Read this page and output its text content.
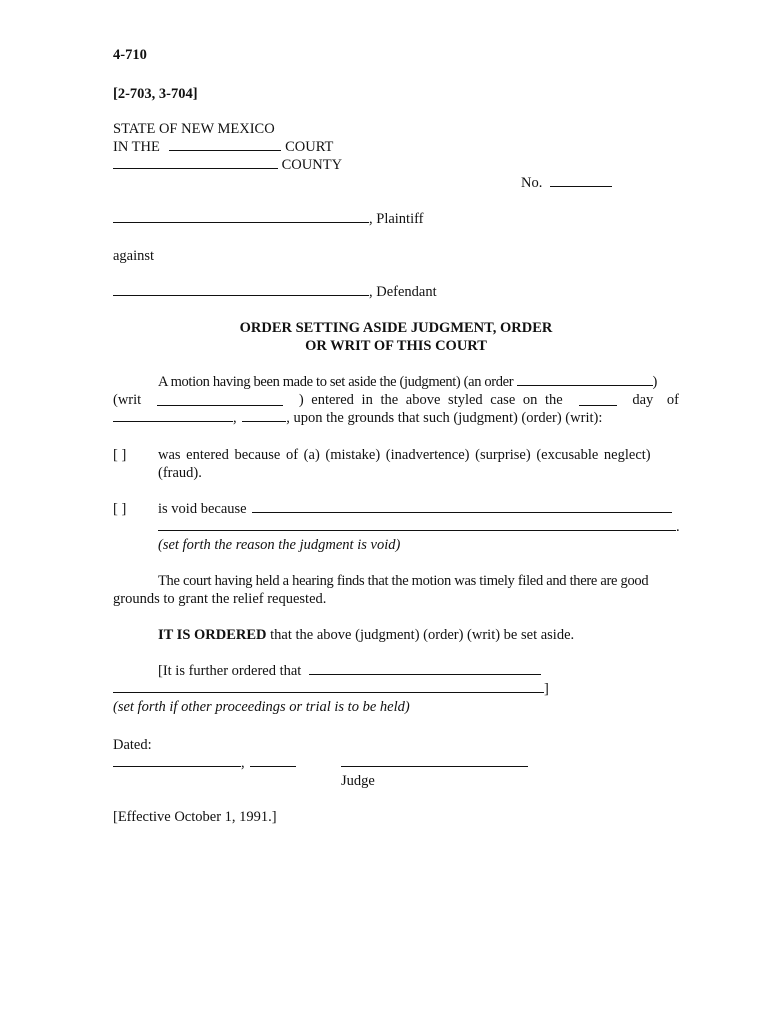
4-710
[2-703, 3-704]
STATE OF NEW MEXICO
IN THE	COURT
COUNTY
No.
, Plaintiff
against
, Defendant
ORDER SETTING ASIDE JUDGMENT, ORDER
OR WRIT OF THIS COURT
A motion having been made to set aside the (judgment) (an order	)
(writ	) entered in the above styled case on the	day of
,	, upon the grounds that such (judgment) (order) (writ):
[ ] was entered because of (a) (mistake) (inadvertence) (surprise) (excusable neglect)
(fraud).
[ ] is void because
.
(set forth the reason the judgment is void)
The court having held a hearing finds that the motion was timely filed and there are good
grounds to grant the relief requested.
IT IS ORDERED that the above (judgment) (order) (writ) be set aside.
[It is further ordered that
]
(set forth if other proceedings or trial is to be held)
Dated:
,
Judge
[Effective October 1, 1991.]
